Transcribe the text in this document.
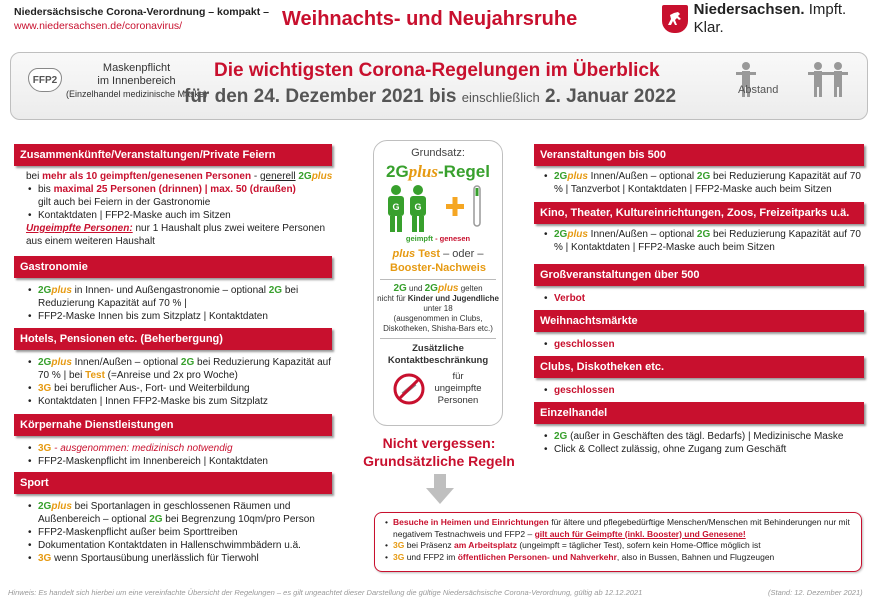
Niedersächsische Corona-Verordnung – kompakt –
www.niedersachsen.de/coronavirus/	Weihnachts- und Neujahrsruhe	Niedersachsen. Impft. Klar.
FFP2
Maskenpflicht
im Innenbereich
(Einzelhandel medizinische Maske)
Die wichtigsten Corona-Regelungen im Überblick
für den 24. Dezember 2021 bis einschließlich 2. Januar 2022	Abstand
Zusammenkünfte/Veranstaltungen/Private Feiern

bei mehr als 10 geimpften/genesenen Personen - generell 2Gplus

• bis maximal 25 Personen (drinnen) | max. 50 (draußen)
gilt auch bei Feiern in der Gastronomie
• Kontaktdaten | FFP2-Maske auch im Sitzen

Ungeimpfte Personen: nur 1 Haushalt plus zwei weitere Personen aus einem weiteren Haushalt

Gastronomie
• 2Gplus in Innen- und Außengastronomie – optional 2G bei Reduzierung Kapazität auf 70 % |
• FFP2-Maske Innen bis zum Sitzplatz | Kontaktdaten
Hotels, Pensionen etc. (Beherbergung)
• 2Gplus Innen/Außen – optional 2G bei Reduzierung Kapazität auf 70 % | bei Test (=Anreise und 2x pro Woche)
• 3G bei beruflicher Aus-, Fort- und Weiterbildung
• Kontaktdaten | Innen FFP2-Maske bis zum Sitzplatz
Körpernahe Dienstleistungen
• 3G - ausgenommen: medizinisch notwendig
• FFP2-Maskenpflicht im Innenbereich | Kontaktdaten
Sport
• 2Gplus bei Sportanlagen in geschlossenen Räumen und Außenbereich – optional 2G bei Begrenzung 10qm/pro Person
• FFP2-Maskenpflicht außer beim Sporttreiben
• Dokumentation Kontaktdaten in Hallenschwimmbädern u.ä.
• 3G wenn Sportausübung unerlässlich für Tierwohl
Grundsatz:
2Gplus-Regel
G G
geimpft - genesen
plus Test – oder –
Booster-Nachweis
2G und 2Gplus gelten
nicht für Kinder und Jugendliche unter 18
(ausgenommen in Clubs, Diskotheken, Shisha-Bars etc.)
Zusätzliche
Kontaktbeschränkung
für ungeimpfte Personen
Nicht vergessen:
Grundsätzliche Regeln
Veranstaltungen bis 500
• 2Gplus Innen/Außen – optional 2G bei Reduzierung Kapazität auf 70 % | Tanzverbot | Kontaktdaten | FFP2-Maske auch beim Sitzen
Kino, Theater, Kultureinrichtungen, Zoos, Freizeitparks u.ä.
• 2Gplus Innen/Außen – optional 2G bei Reduzierung Kapazität auf 70 % | Kontaktdaten | FFP2-Maske auch beim Sitzen
Großveranstaltungen über 500
• Verbot
Weihnachtsmärkte
• geschlossen
Clubs, Diskotheken etc.
• geschlossen
Einzelhandel
• 2G (außer in Geschäften des tägl. Bedarfs) | Medizinische Maske
• Click & Collect zulässig, ohne Zugang zum Geschäft
• Besuche in Heimen und Einrichtungen für ältere und pflegebedürftige Menschen/Menschen mit Behinderungen nur mit negativem Testnachweis und FFP2 – gilt auch für Geimpfte (inkl. Booster) und Genesene!
• 3G bei Präsenz am Arbeitsplatz (ungeimpft = täglicher Test), sofern kein Home-Office möglich ist
• 3G und FFP2 im öffentlichen Personen- und Nahverkehr, also in Bussen, Bahnen und Flugzeugen
Hinweis: Es handelt sich hierbei um eine vereinfachte Übersicht der Regelungen – es gilt ungeachtet dieser Darstellung die gültige Niedersächsische Corona-Verordnung, gültig ab 12.12.2021	(Stand: 12. Dezember 2021)
